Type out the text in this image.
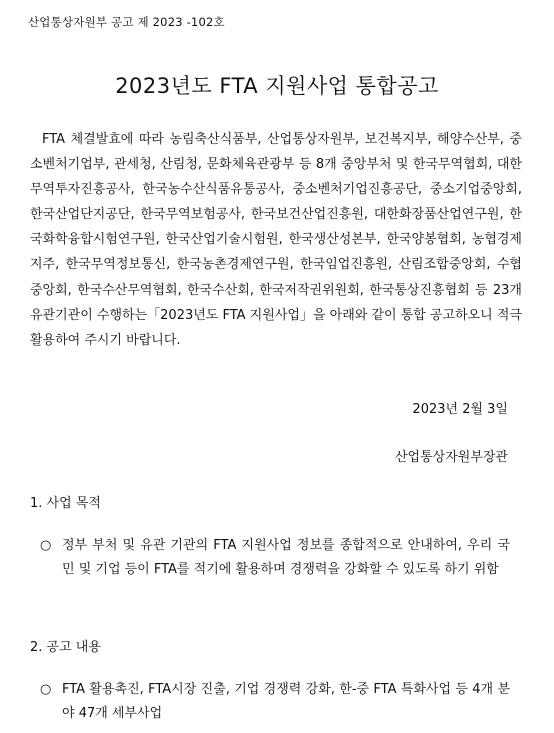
산업통상자원부 공고 제 2023 -102호
2023년도 FTA 지원사업 통합공고

FTA 체결발효에 따라 농림축산식품부, 산업통상자원부, 보건복지부, 해양수산부, 중소벤처기업부, 관세청, 산림청, 문화체육관광부 등 8개 중앙부처 및 한국무역협회, 대한무역투자진흥공사, 한국농수산식품유통공사, 중소벤처기업진흥공단, 중소기업중앙회, 한국산업단지공단, 한국무역보험공사, 한국보건산업진흥원, 대한화장품산업연구원, 한국화학융합시험연구원, 한국산업기술시험원, 한국생산성본부, 한국양봉협회, 농협경제지주, 한국무역정보통신, 한국농촌경제연구원, 한국임업진흥원, 산림조합중앙회, 수협중앙회, 한국수산무역협회, 한국수산회, 한국저작권위원회, 한국통상진흥협회 등 23개 유관기관이 수행하는「2023년도 FTA 지원사업」을 아래와 같이 통합 공고하오니 적극 활용하여 주시기 바랍니다.

2023년 2월 3일
산업통상자원부장관
1. 사업 목적
○ 정부 부처 및 유관 기관의 FTA 지원사업 정보를 종합적으로 안내하여, 우리 국민 및 기업 등이 FTA를 적기에 활용하며 경쟁력을 강화할 수 있도록 하기 위함
2. 공고 내용
○ FTA 활용촉진, FTA시장 진출, 기업 경쟁력 강화, 한-중 FTA 특화사업 등 4개 분야 47개 세부사업
